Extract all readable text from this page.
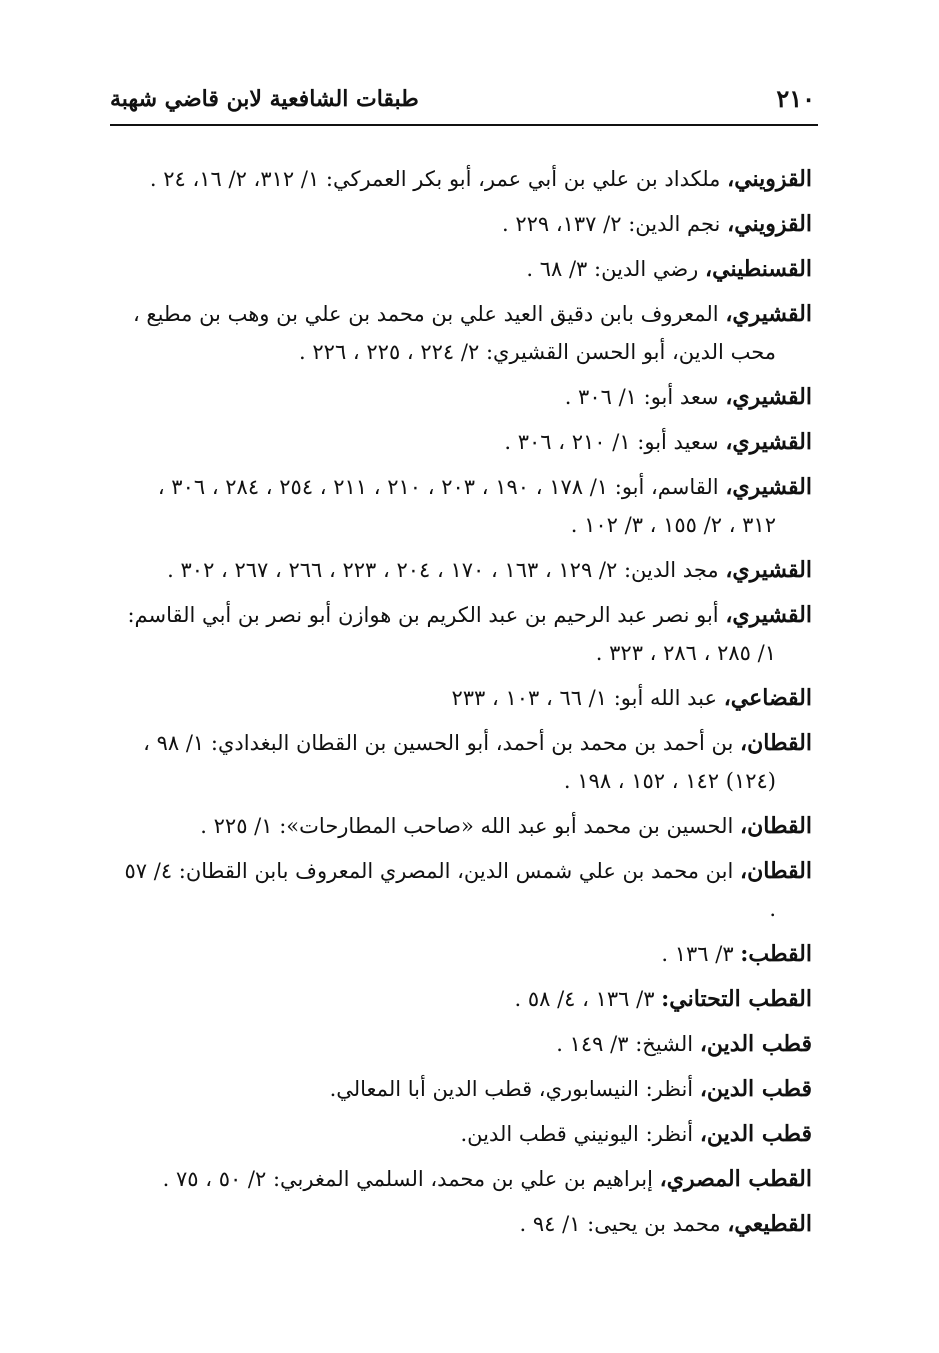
٢١٠
طبقات الشافعية لابن قاضي شهبة

القزويني، ملكداد بن علي بن أبي عمر، أبو بكر العمركي: ١/ ٣١٢، ٢/ ١٦، ٢٤ .

القزويني، نجم الدين: ٢/ ١٣٧، ٢٢٩ .

القسنطيني، رضي الدين: ٣/ ٦٨ .

القشيري، المعروف بابن دقيق العيد علي بن محمد بن علي بن وهب بن مطيع ، محب الدين، أبو الحسن القشيري: ٢/ ٢٢٤ ، ٢٢٥ ، ٢٢٦ .

القشيري، سعد أبو: ١/ ٣٠٦ .

القشيري، سعيد أبو: ١/ ٢١٠ ، ٣٠٦ .

القشيري، القاسم، أبو: ١/ ١٧٨ ، ١٩٠ ، ٢٠٣ ، ٢١٠ ، ٢١١ ، ٢٥٤ ، ٢٨٤ ، ٣٠٦ ، ٣١٢ ، ٢/ ١٥٥ ، ٣/ ١٠٢ .

القشيري، مجد الدين: ٢/ ١٢٩ ، ١٦٣ ، ١٧٠ ، ٢٠٤ ، ٢٢٣ ، ٢٦٦ ، ٢٦٧ ، ٣٠٢ .

القشيري، أبو نصر عبد الرحيم بن عبد الكريم بن هوازن أبو نصر بن أبي القاسم: ١/ ٢٨٥ ، ٢٨٦ ، ٣٢٣ .

القضاعي، عبد الله أبو: ١/ ٦٦ ، ١٠٣ ، ٢٣٣

القطان، بن أحمد بن محمد بن أحمد، أبو الحسين بن القطان البغدادي: ١/ ٩٨ ، (١٢٤) ١٤٢ ، ١٥٢ ، ١٩٨ .

القطان، الحسين بن محمد أبو عبد الله «صاحب المطارحات»: ١/ ٢٢٥ .

القطان، ابن محمد بن علي شمس الدين، المصري المعروف بابن القطان: ٤/ ٥٧ .

القطب: ٣/ ١٣٦ .

القطب التحتاني: ٣/ ١٣٦ ، ٤/ ٥٨ .

قطب الدين، الشيخ: ٣/ ١٤٩ .

قطب الدين، أنظر: النيسابوري، قطب الدين أبا المعالي.

قطب الدين، أنظر: اليونيني قطب الدين.

القطب المصري، إبراهيم بن علي بن محمد، السلمي المغربي: ٢/ ٥٠ ، ٧٥ .

القطيعي، محمد بن يحيى: ١/ ٩٤ .
